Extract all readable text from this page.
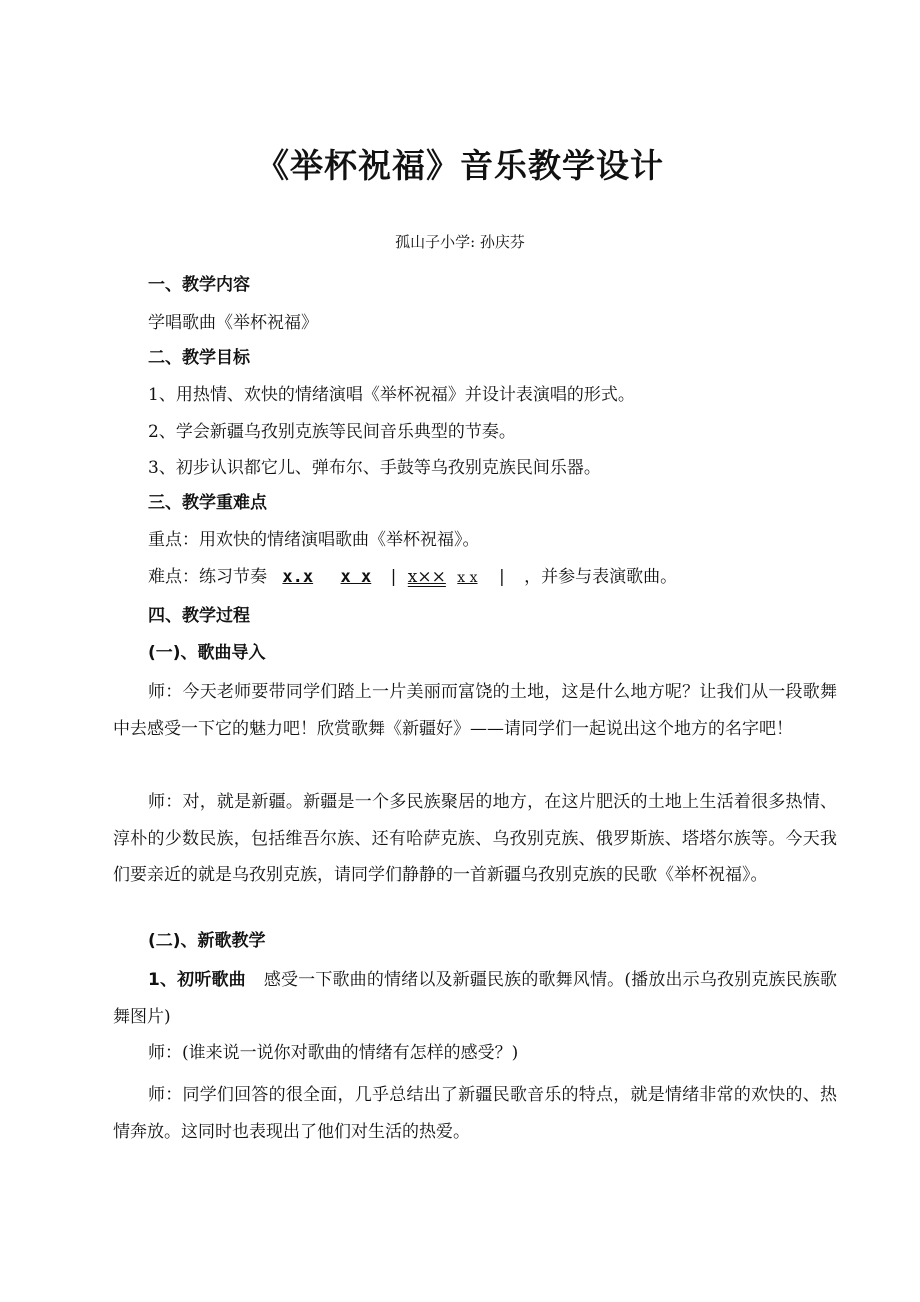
《举杯祝福》音乐教学设计
孤山子小学: 孙庆芬
一、教学内容
学唱歌曲《举杯祝福》
二、教学目标
1、用热情、欢快的情绪演唱《举杯祝福》并设计表演唱的形式。
2、学会新疆乌孜别克族等民间音乐典型的节奏。
3、初步认识都它儿、弹布尔、手鼓等乌孜别克族民间乐器。
三、教学重难点
重点：用欢快的情绪演唱歌曲《举杯祝福》。
难点：练习节奏 x.x x x | x×× x x | ，并参与表演歌曲。
四、教学过程
(一)、歌曲导入
师：今天老师要带同学们踏上一片美丽而富饶的土地，这是什么地方呢？让我们从一段歌舞中去感受一下它的魅力吧！欣赏歌舞《新疆好》——请同学们一起说出这个地方的名字吧！
师：对，就是新疆。新疆是一个多民族聚居的地方，在这片肥沃的土地上生活着很多热情、淳朴的少数民族，包括维吾尔族、还有哈萨克族、乌孜别克族、俄罗斯族、塔塔尔族等。今天我们要亲近的就是乌孜别克族，请同学们静静的一首新疆乌孜别克族的民歌《举杯祝福》。
(二)、新歌教学
1、初听歌曲 感受一下歌曲的情绪以及新疆民族的歌舞风情。(播放出示乌孜别克族民族歌舞图片)
师：(谁来说一说你对歌曲的情绪有怎样的感受？)
师：同学们回答的很全面，几乎总结出了新疆民歌音乐的特点，就是情绪非常的欢快的、热情奔放。这同时也表现出了他们对生活的热爱。
